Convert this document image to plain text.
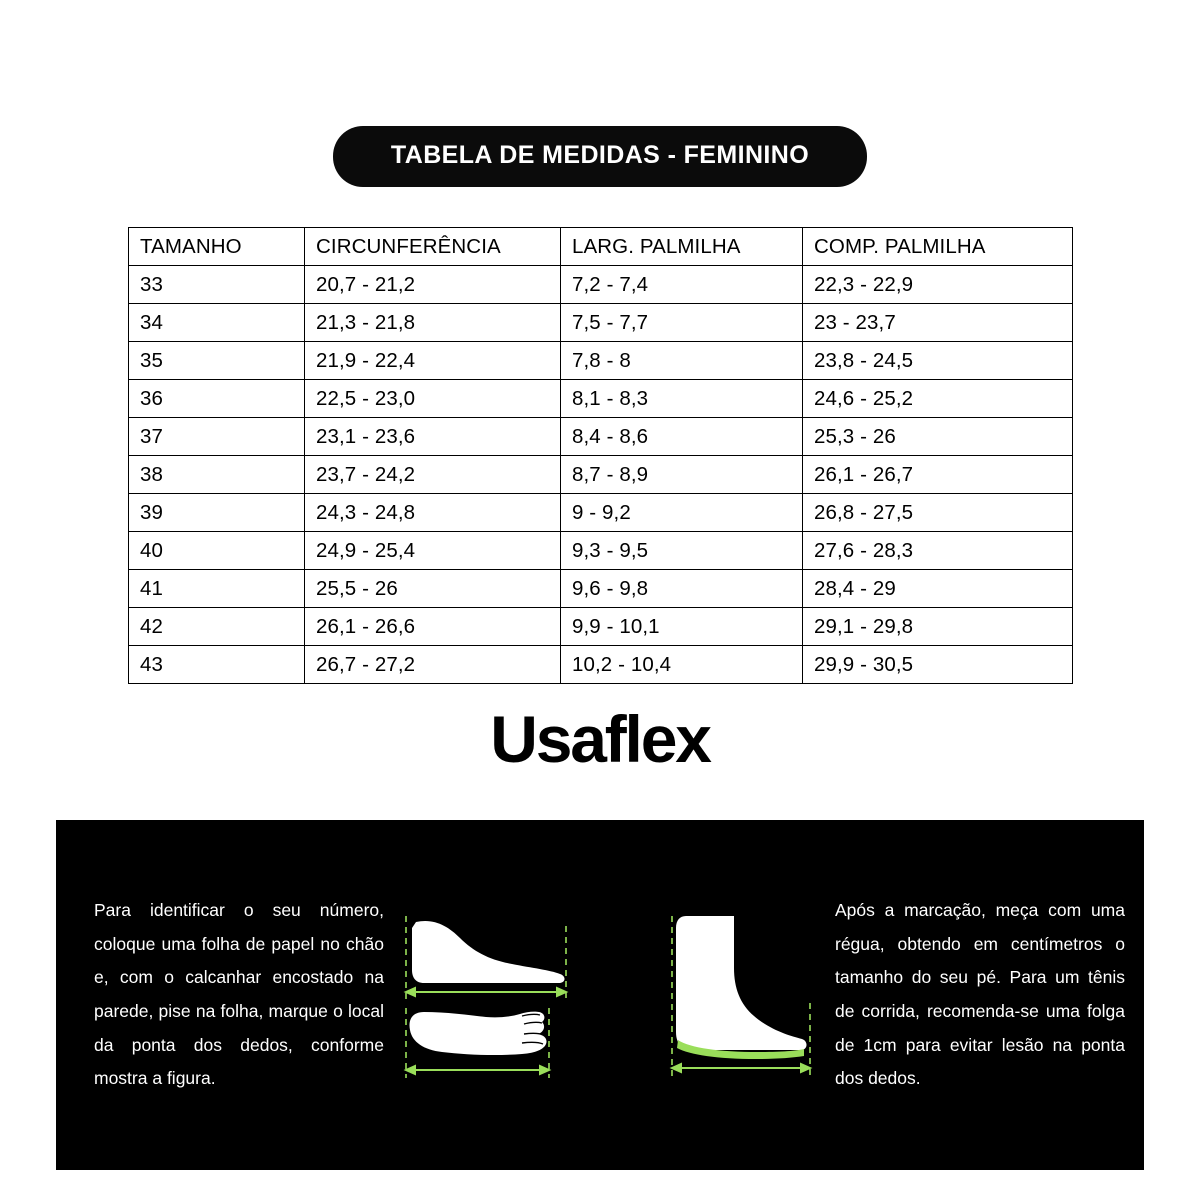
TABELA DE MEDIDAS - FEMININO
TAMANHO	CIRCUNFERÊNCIA	LARG. PALMILHA	COMP. PALMILHA
33	20,7 - 21,2	7,2 - 7,4	22,3 - 22,9
34	21,3 - 21,8	7,5 - 7,7	23 - 23,7
35	21,9 - 22,4	7,8 - 8	23,8 - 24,5
36	22,5 - 23,0	8,1 - 8,3	24,6 - 25,2
37	23,1 - 23,6	8,4 - 8,6	25,3 - 26
38	23,7 - 24,2	8,7 - 8,9	26,1 - 26,7
39	24,3 - 24,8	9 - 9,2	26,8 - 27,5
40	24,9 - 25,4	9,3 - 9,5	27,6 - 28,3
41	25,5 - 26	9,6 - 9,8	28,4 - 29
42	26,1 - 26,6	9,9 - 10,1	29,1 - 29,8
43	26,7 - 27,2	10,2 - 10,4	29,9 - 30,5
Usaflex
Para identificar o seu número, coloque uma folha de papel no chão e, com o calcanhar encostado na parede, pise na folha, marque o local da ponta dos dedos, conforme mostra a figura.
Após a marcação, meça com uma régua, obtendo em centímetros o tamanho do seu pé. Para um tênis de corrida, recomenda-se uma folga de 1cm para evitar lesão na ponta dos dedos.
